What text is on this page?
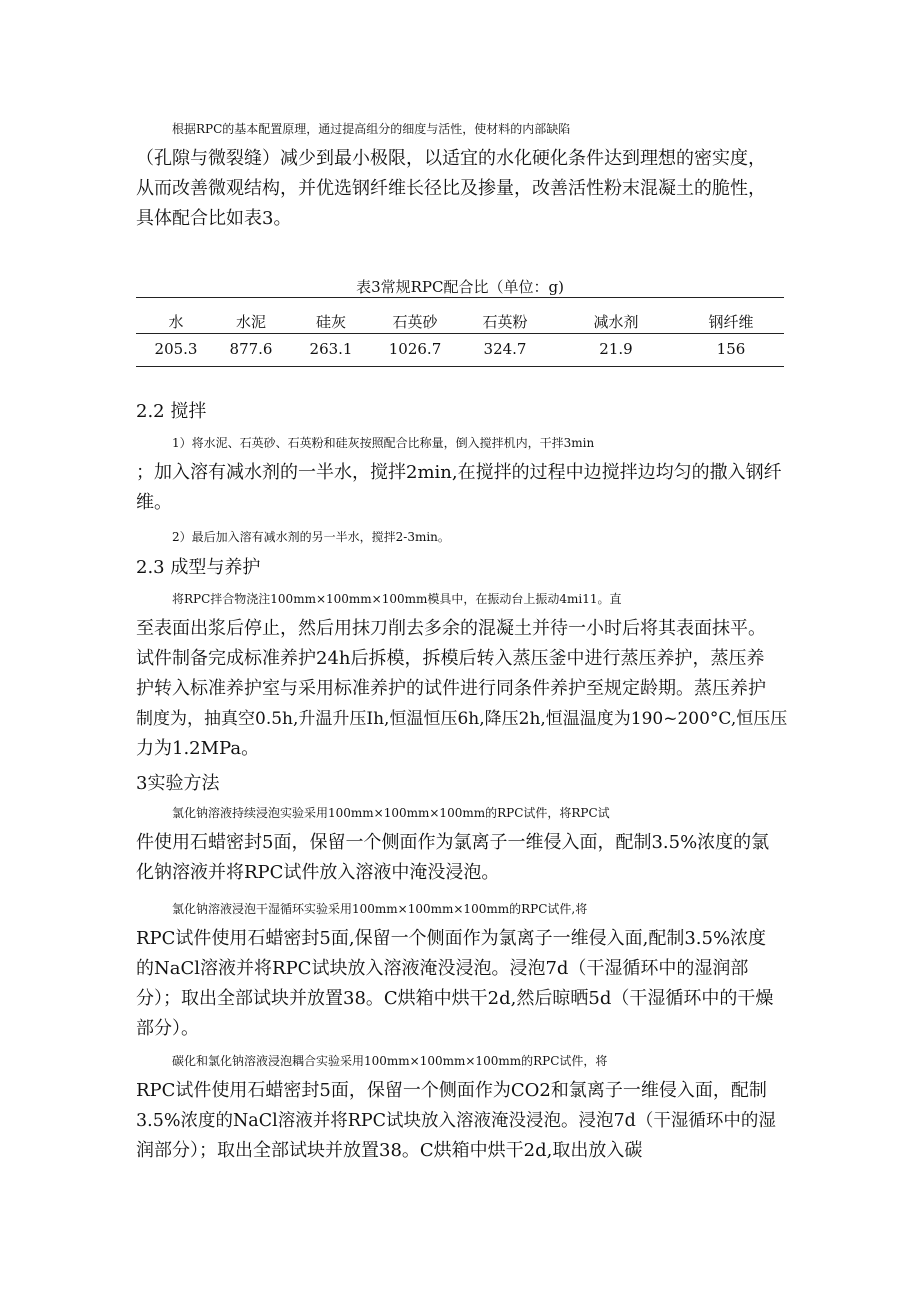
根据RPC的基本配置原理，通过提高组分的细度与活性，使材料的内部缺陷
（孔隙与微裂缝）减少到最小极限，以适宜的水化硬化条件达到理想的密实度，
从而改善微观结构，并优选钢纤维长径比及掺量，改善活性粉末混凝土的脆性，
具体配合比如表3。
表3常规RPC配合比（单位：g)
水	水泥	硅灰	石英砂	石英粉	减水剂	钢纤维
205.3 877.6 263.1 1026.7	324.7	21.9	156
2.2 搅拌
1）将水泥、石英砂、石英粉和硅灰按照配合比称量，倒入搅拌机内，干拌3min
；加入溶有减水剂的一半水，搅拌2min,在搅拌的过程中边搅拌边均匀的撒入钢纤
维。
2）最后加入溶有减水剂的另一半水，搅拌2-3min。
2.3 成型与养护
将RPC拌合物浇注100mm×100mm×100mm模具中，在振动台上振动4mi11。直
至表面出浆后停止，然后用抹刀削去多余的混凝土并待一小时后将其表面抹平。
试件制备完成标准养护24h后拆模，拆模后转入蒸压釜中进行蒸压养护，蒸压养
护转入标准养护室与采用标准养护的试件进行同条件养护至规定龄期。蒸压养护
制度为，抽真空0.5h,升温升压Ih,恒温恒压6h,降压2h,恒温温度为190~200°C,恒压压
力为1.2MPa。
3实验方法
氯化钠溶液持续浸泡实验采用100mm×100mm×100mm的RPC试件，将RPC试
件使用石蜡密封5面，保留一个侧面作为氯离子一维侵入面，配制3.5%浓度的氯
化钠溶液并将RPC试件放入溶液中淹没浸泡。
氯化钠溶液浸泡干湿循环实验采用100mm×100mm×100mm的RPC试件,将
RPC试件使用石蜡密封5面,保留一个侧面作为氯离子一维侵入面,配制3.5%浓度
的NaCl溶液并将RPC试块放入溶液淹没浸泡。浸泡7d（干湿循环中的湿润部
分）；取出全部试块并放置38。C烘箱中烘干2d,然后晾晒5d（干湿循环中的干燥
部分）。
碳化和氯化钠溶液浸泡耦合实验采用100mm×100mm×100mm的RPC试件，将
RPC试件使用石蜡密封5面，保留一个侧面作为CO2和氯离子一维侵入面，配制
3.5%浓度的NaCl溶液并将RPC试块放入溶液淹没浸泡。浸泡7d（干湿循环中的湿
润部分）；取出全部试块并放置38。C烘箱中烘干2d,取出放入碳
